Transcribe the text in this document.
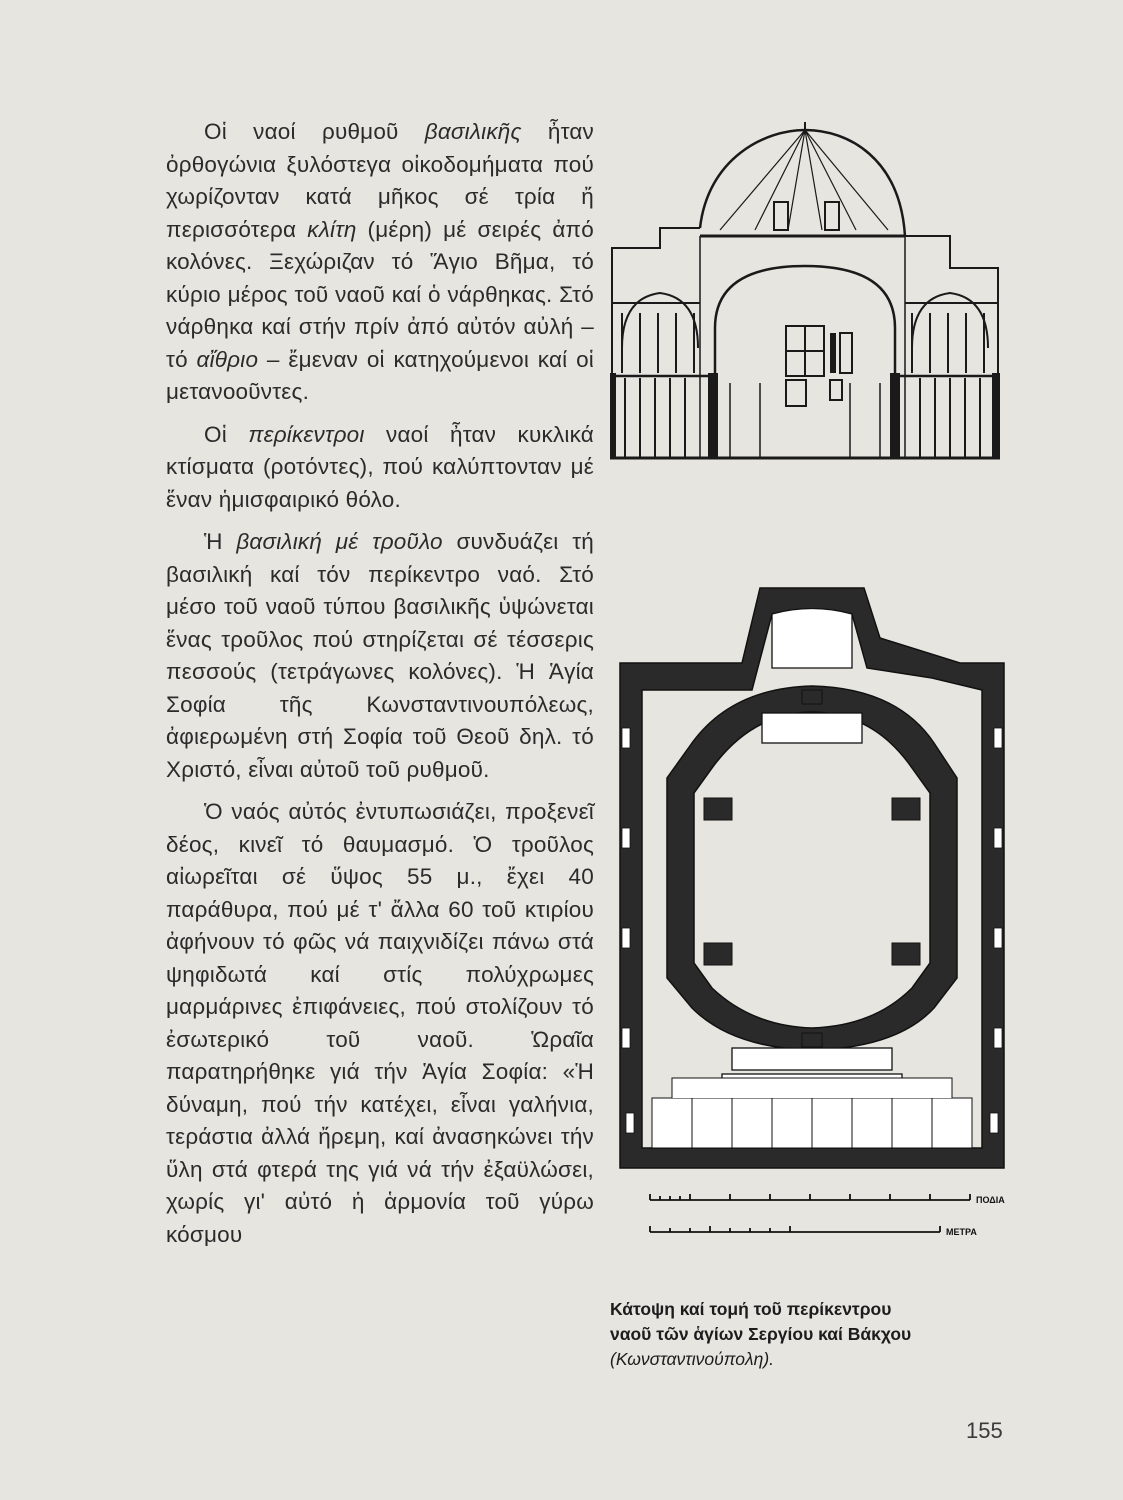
Οἱ ναοί ρυθμοῦ βασιλικῆς ἦταν ὀρθογώνια ξυλόστεγα οἰκοδομήματα πού χωρίζονταν κατά μῆκος σέ τρία ἤ περισσότερα κλίτη (μέρη) μέ σειρές ἀπό κολόνες. Ξεχώριζαν τό Ἅγιο Βῆμα, τό κύριο μέρος τοῦ ναοῦ καί ὁ νάρθηκας. Στό νάρθηκα καί στήν πρίν ἀπό αὐτόν αὐλή – τό αἴθριο – ἔμεναν οἱ κατηχούμενοι καί οἱ μετανοοῦντες.

Οἱ περίκεντροι ναοί ἦταν κυκλικά κτίσματα (ροτόντες), πού καλύπτονταν μέ ἕναν ἡμισφαιρικό θόλο.

Ἡ βασιλική μέ τροῦλο συνδυάζει τή βασιλική καί τόν περίκεντρο ναό. Στό μέσο τοῦ ναοῦ τύπου βασιλικῆς ὑψώνεται ἕνας τροῦλος πού στηρίζεται σέ τέσσερις πεσσούς (τετράγωνες κολόνες). Ἡ Ἁγία Σοφία τῆς Κωνσταντινουπόλεως, ἀφιερωμένη στή Σοφία τοῦ Θεοῦ δηλ. τό Χριστό, εἶναι αὐτοῦ τοῦ ρυθμοῦ.

Ὁ ναός αὐτός ἐντυπωσιάζει, προξενεῖ δέος, κινεῖ τό θαυμασμό. Ὁ τροῦλος αἰωρεῖται σέ ὕψος 55 μ., ἔχει 40 παράθυρα, πού μέ τ' ἄλλα 60 τοῦ κτιρίου ἀφήνουν τό φῶς νά παιχνιδίζει πάνω στά ψηφιδωτά καί στίς πολύχρωμες μαρμάρινες ἐπιφάνειες, πού στολίζουν τό ἐσωτερικό τοῦ ναοῦ. Ὡραῖα παρατηρήθηκε γιά τήν Ἁγία Σοφία: «Ἡ δύναμη, πού τήν κατέχει, εἶναι γαλήνια, τεράστια ἀλλά ἤρεμη, καί ἀνασηκώνει τήν ὕλη στά φτερά της γιά νά τήν ἐξαϋλώσει, χωρίς γι' αὐτό ἡ ἁρμονία τοῦ γύρω κόσμου

ΠΟΔΙΑ
ΜΕΤΡΑ
Κάτοψη καί τομή τοῦ περίκεντρου
ναοῦ τῶν ἁγίων Σεργίου καί Βάκχου
(Κωνσταντινούπολη).
155
